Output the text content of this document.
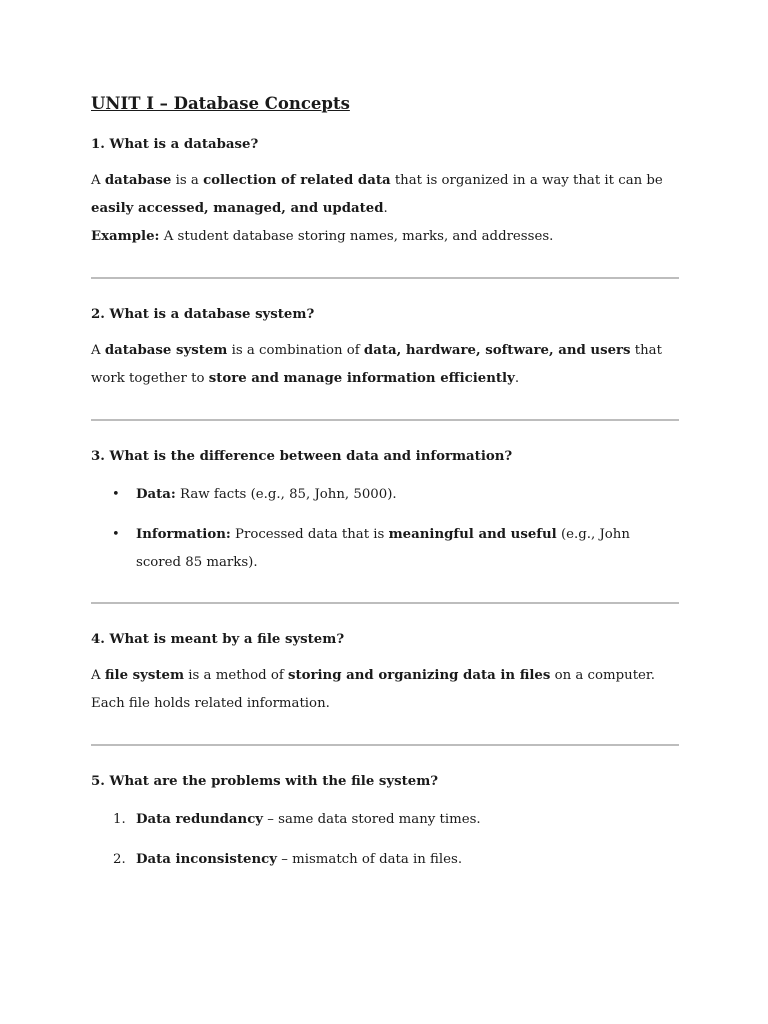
UNIT I – Database Concepts

1. What is a database?

A database is a collection of related data that is organized in a way that it can be easily accessed, managed, and updated.

Example: A student database storing names, marks, and addresses.

2. What is a database system?

A database system is a combination of data, hardware, software, and users that work together to store and manage information efficiently.

3. What is the difference between data and information?

• Data: Raw facts (e.g., 85, John, 5000).
• Information: Processed data that is meaningful and useful (e.g., John scored 85 marks).

4. What is meant by a file system?

A file system is a method of storing and organizing data in files on a computer.

Each file holds related information.

5. What are the problems with the file system?

1. Data redundancy – same data stored many times.
2. Data inconsistency – mismatch of data in files.
